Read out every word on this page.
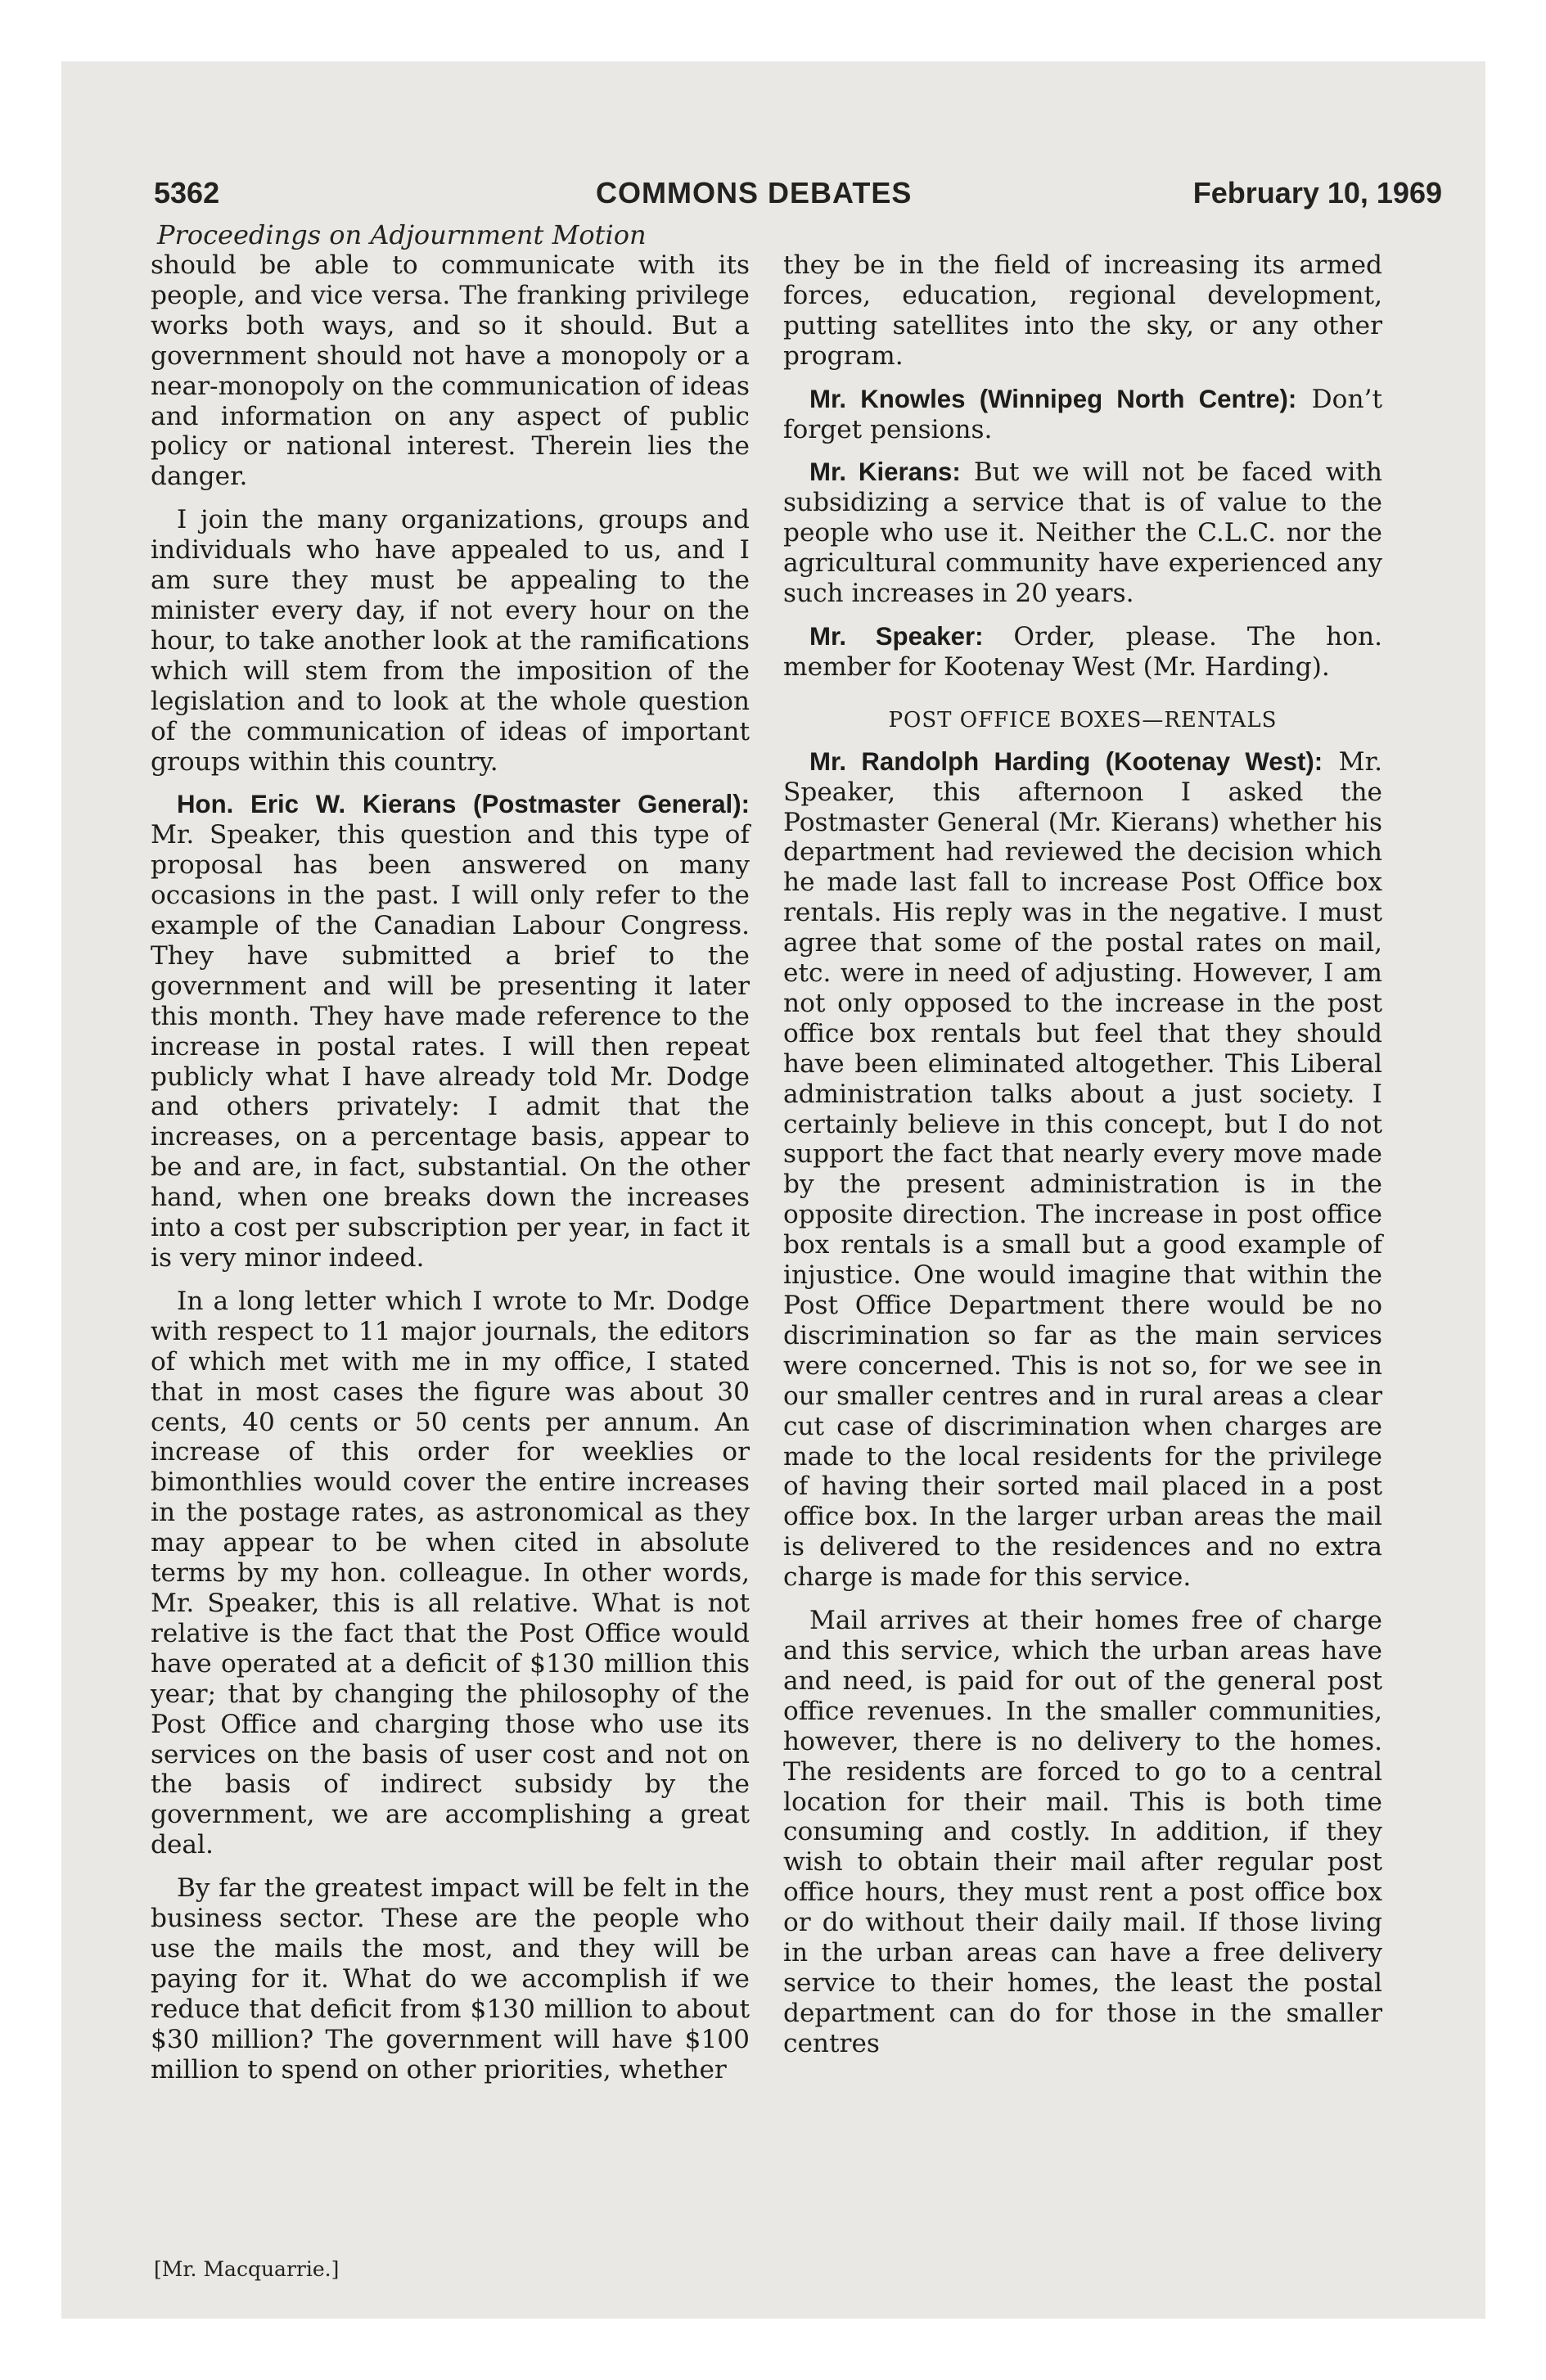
5362	COMMONS DEBATES	February 10, 1969
Proceedings on Adjournment Motion

should be able to communicate with its people, and vice versa. The franking privilege works both ways, and so it should. But a government should not have a monopoly or a near-monopoly on the communication of ideas and information on any aspect of public policy or national interest. Therein lies the danger.

I join the many organizations, groups and individuals who have appealed to us, and I am sure they must be appealing to the minister every day, if not every hour on the hour, to take another look at the ramifications which will stem from the imposition of the legislation and to look at the whole question of the communication of ideas of important groups within this country.

Hon. Eric W. Kierans (Postmaster General): Mr. Speaker, this question and this type of proposal has been answered on many occasions in the past. I will only refer to the example of the Canadian Labour Congress. They have submitted a brief to the government and will be presenting it later this month. They have made reference to the increase in postal rates. I will then repeat publicly what I have already told Mr. Dodge and others privately: I admit that the increases, on a percentage basis, appear to be and are, in fact, substantial. On the other hand, when one breaks down the increases into a cost per subscription per year, in fact it is very minor indeed.

In a long letter which I wrote to Mr. Dodge with respect to 11 major journals, the editors of which met with me in my office, I stated that in most cases the figure was about 30 cents, 40 cents or 50 cents per annum. An increase of this order for weeklies or bimonthlies would cover the entire increases in the postage rates, as astronomical as they may appear to be when cited in absolute terms by my hon. colleague. In other words, Mr. Speaker, this is all relative. What is not relative is the fact that the Post Office would have operated at a deficit of $130 million this year; that by changing the philosophy of the Post Office and charging those who use its services on the basis of user cost and not on the basis of indirect subsidy by the government, we are accomplishing a great deal.

By far the greatest impact will be felt in the business sector. These are the people who use the mails the most, and they will be paying for it. What do we accomplish if we reduce that deficit from $130 million to about $30 million? The government will have $100 million to spend on other priorities, whether

they be in the field of increasing its armed forces, education, regional development, putting satellites into the sky, or any other program.

Mr. Knowles (Winnipeg North Centre): Don’t forget pensions.

Mr. Kierans: But we will not be faced with subsidizing a service that is of value to the people who use it. Neither the C.L.C. nor the agricultural community have experienced any such increases in 20 years.

Mr. Speaker: Order, please. The hon. member for Kootenay West (Mr. Harding).

POST OFFICE BOXES—RENTALS

Mr. Randolph Harding (Kootenay West): Mr. Speaker, this afternoon I asked the Postmaster General (Mr. Kierans) whether his department had reviewed the decision which he made last fall to increase Post Office box rentals. His reply was in the negative. I must agree that some of the postal rates on mail, etc. were in need of adjusting. However, I am not only opposed to the increase in the post office box rentals but feel that they should have been eliminated altogether. This Liberal administration talks about a just society. I certainly believe in this concept, but I do not support the fact that nearly every move made by the present administration is in the opposite direction. The increase in post office box rentals is a small but a good example of injustice. One would imagine that within the Post Office Department there would be no discrimination so far as the main services were concerned. This is not so, for we see in our smaller centres and in rural areas a clear cut case of discrimination when charges are made to the local residents for the privilege of having their sorted mail placed in a post office box. In the larger urban areas the mail is delivered to the residences and no extra charge is made for this service.

Mail arrives at their homes free of charge and this service, which the urban areas have and need, is paid for out of the general post office revenues. In the smaller communities, however, there is no delivery to the homes. The residents are forced to go to a central location for their mail. This is both time consuming and costly. In addition, if they wish to obtain their mail after regular post office hours, they must rent a post office box or do without their daily mail. If those living in the urban areas can have a free delivery service to their homes, the least the postal department can do for those in the smaller centres

[Mr. Macquarrie.]
